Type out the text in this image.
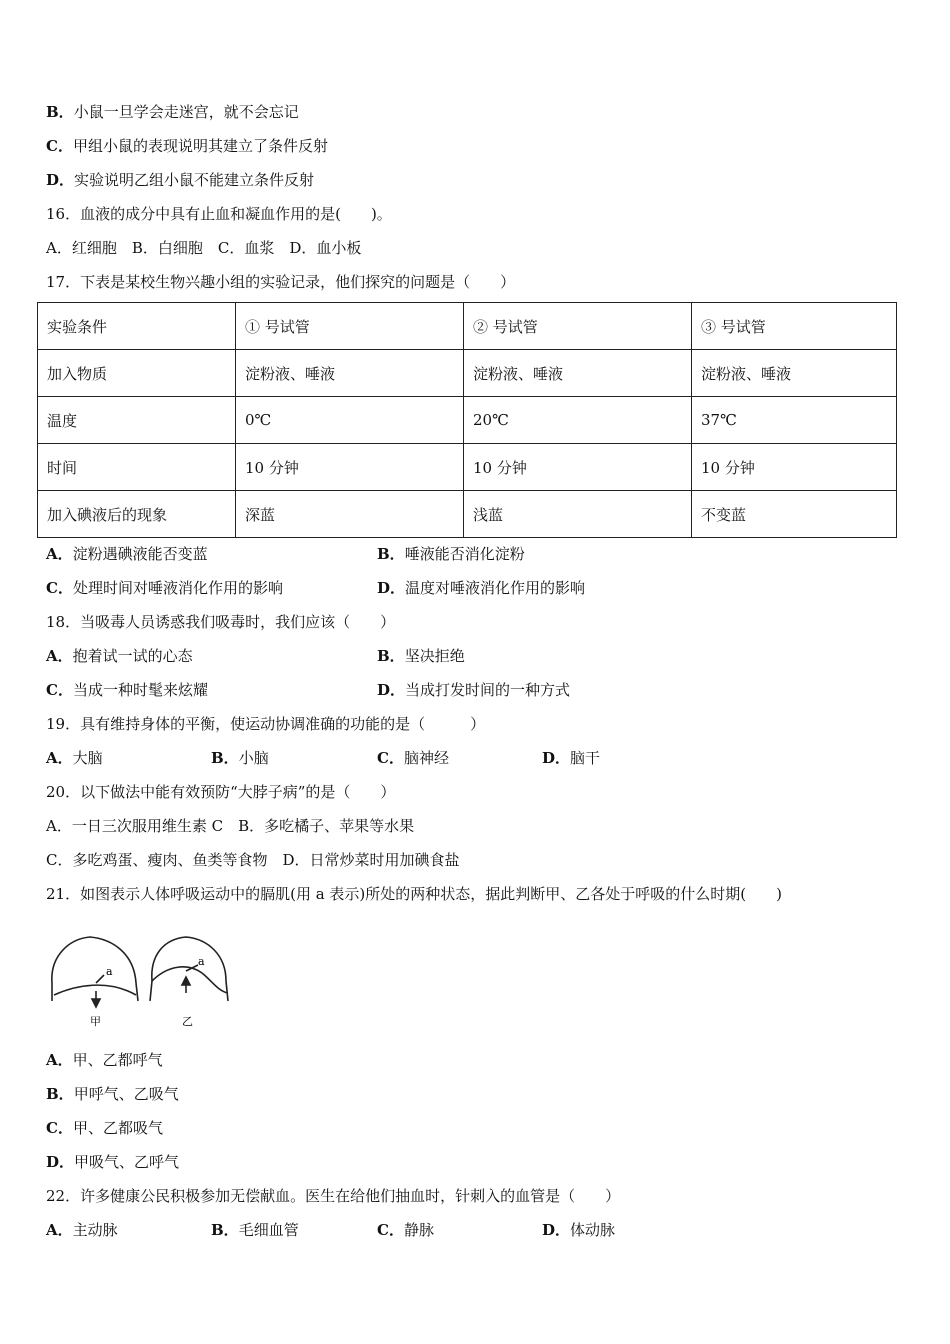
B．小鼠一旦学会走迷宫，就不会忘记
C．甲组小鼠的表现说明其建立了条件反射
D．实验说明乙组小鼠不能建立条件反射
16．血液的成分中具有止血和凝血作用的是(　　)。
A．红细胞　B．白细胞　C．血浆　D．血小板
17．下表是某校生物兴趣小组的实验记录，他们探究的问题是（　　）
实验条件	① 号试管	② 号试管	③ 号试管
加入物质	淀粉液、唾液	淀粉液、唾液	淀粉液、唾液
温度	0℃	20℃	37℃
时间	10 分钟	10 分钟	10 分钟
加入碘液后的现象	深蓝	浅蓝	不变蓝
A．淀粉遇碘液能否变蓝	B．唾液能否消化淀粉
C．处理时间对唾液消化作用的影响	D．温度对唾液消化作用的影响
18．当吸毒人员诱惑我们吸毒时，我们应该（　　）
A．抱着试一试的心态	B．坚决拒绝
C．当成一种时髦来炫耀	D．当成打发时间的一种方式
19．具有维持身体的平衡，使运动协调准确的功能的是（　　　）
A．大脑	B．小脑	C．脑神经	D．脑干
20．以下做法中能有效预防“大脖子病”的是（　　）
A．一日三次服用维生素 C　B．多吃橘子、苹果等水果
C．多吃鸡蛋、瘦肉、鱼类等食物　D．日常炒菜时用加碘食盐
21．如图表示人体呼吸运动中的膈肌(用 a 表示)所处的两种状态，据此判断甲、乙各处于呼吸的什么时期(　　)
a
a
甲	乙
A．甲、乙都呼气
B．甲呼气、乙吸气
C．甲、乙都吸气
D．甲吸气、乙呼气
22．许多健康公民积极参加无偿献血。医生在给他们抽血时，针刺入的血管是（　　）
A．主动脉	B．毛细血管	C．静脉	D．体动脉
